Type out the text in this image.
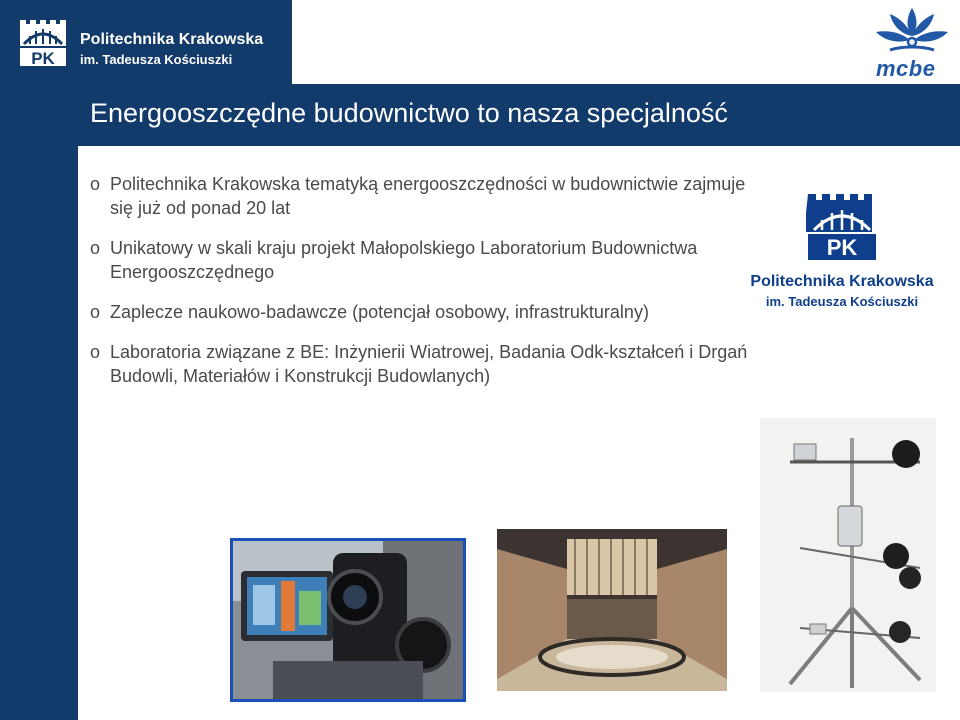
PK
Politechnika Krakowska
im. Tadeusza Kościuszki	mcbe
Energooszczędne budownictwo to nasza specjalność
o Politechnika Krakowska tematyką energooszczędności w budownictwie zajmuje się już od ponad 20 lat
o Unikatowy w skali kraju projekt Małopolskiego Laboratorium Budownictwa Energooszczędnego
o Zaplecze naukowo-badawcze (potencjał osobowy, infrastrukturalny)
o Laboratoria związane z BE: Inżynierii Wiatrowej, Badania Odk-kształceń i Drgań Budowli, Materiałów i Konstrukcji Budowlanych)
PK
Politechnika Krakowska
im. Tadeusza Kościuszki
